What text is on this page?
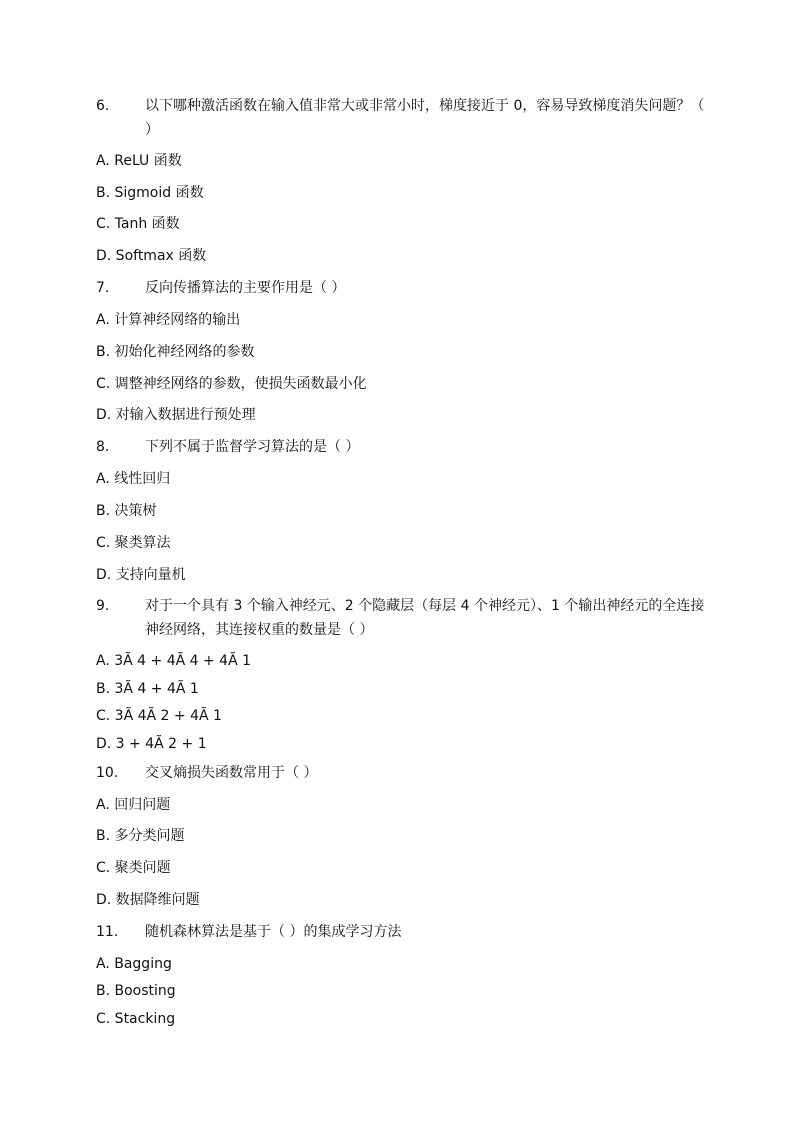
6.	以下哪种激活函数在输入值非常大或非常小时，梯度接近于 0，容易导致梯度消失问题？（ ）
A. ReLU 函数
B. Sigmoid 函数
C. Tanh 函数
D. Softmax 函数
7.	反向传播算法的主要作用是（ ）
A. 计算神经网络的输出
B. 初始化神经网络的参数
C. 调整神经网络的参数，使损失函数最小化
D. 对输入数据进行预处理
8.	下列不属于监督学习算法的是（ ）
A. 线性回归
B. 决策树
C. 聚类算法
D. 支持向量机
9.	对于一个具有 3 个输入神经元、2 个隐藏层（每层 4 个神经元）、1 个输出神经元的全连接神经网络，其连接权重的数量是（ ）
A. 3Ã 4 + 4Ã 4 + 4Ã 1
B. 3Ã 4 + 4Ã 1
C. 3Ã 4Ã 2 + 4Ã 1
D. 3 + 4Ã 2 + 1
10. 交叉熵损失函数常用于（ ）
A. 回归问题
B. 多分类问题
C. 聚类问题
D. 数据降维问题
11. 随机森林算法是基于（ ）的集成学习方法
A. Bagging
B. Boosting
C. Stacking
